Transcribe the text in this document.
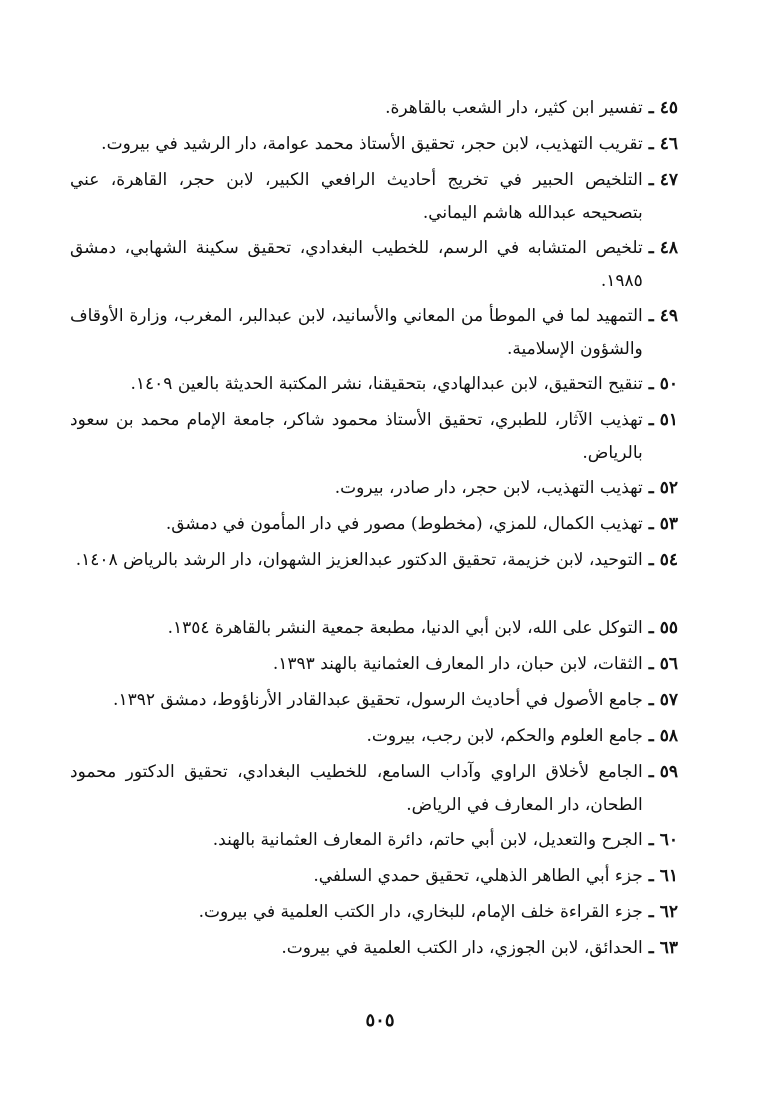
٤٥
ـ
تفسير ابن كثير، دار الشعب بالقاهرة.
٤٦
ـ
تقريب التهذيب، لابن حجر، تحقيق الأستاذ محمد عوامة، دار الرشيد في بيروت.
٤٧
ـ
التلخيص الحبير في تخريج أحاديث الرافعي الكبير، لابن حجر، القاهرة، عني بتصحيحه عبدالله هاشم اليماني.
٤٨
ـ
تلخيص المتشابه في الرسم، للخطيب البغدادي، تحقيق سكينة الشهابي، دمشق ١٩٨٥.
٤٩
ـ
التمهيد لما في الموطأ من المعاني والأسانيد، لابن عبدالبر، المغرب، وزارة الأوقاف والشؤون الإسلامية.
٥٠
ـ
تنقيح التحقيق، لابن عبدالهادي، بتحقيقنا، نشر المكتبة الحديثة بالعين ١٤٠٩.
٥١
ـ
تهذيب الآثار، للطبري، تحقيق الأستاذ محمود شاكر، جامعة الإمام محمد بن سعود بالرياض.
٥٢
ـ
تهذيب التهذيب، لابن حجر، دار صادر، بيروت.
٥٣
ـ
تهذيب الكمال، للمزي، (مخطوط) مصور في دار المأمون في دمشق.
٥٤
ـ
التوحيد، لابن خزيمة، تحقيق الدكتور عبدالعزيز الشهوان، دار الرشد بالرياض ١٤٠٨.
٥٥
ـ
التوكل على الله، لابن أبي الدنيا، مطبعة جمعية النشر بالقاهرة ١٣٥٤.
٥٦
ـ
الثقات، لابن حبان، دار المعارف العثمانية بالهند ١٣٩٣.
٥٧
ـ
جامع الأصول في أحاديث الرسول، تحقيق عبدالقادر الأرناؤوط، دمشق ١٣٩٢.
٥٨
ـ
جامع العلوم والحكم، لابن رجب، بيروت.
٥٩
ـ
الجامع لأخلاق الراوي وآداب السامع، للخطيب البغدادي، تحقيق الدكتور محمود الطحان، دار المعارف في الرياض.
٦٠
ـ
الجرح والتعديل، لابن أبي حاتم، دائرة المعارف العثمانية بالهند.
٦١
ـ
جزء أبي الطاهر الذهلي، تحقيق حمدي السلفي.
٦٢
ـ
جزء القراءة خلف الإمام، للبخاري، دار الكتب العلمية في بيروت.
٦٣
ـ
الحدائق، لابن الجوزي، دار الكتب العلمية في بيروت.
٥٠٥
